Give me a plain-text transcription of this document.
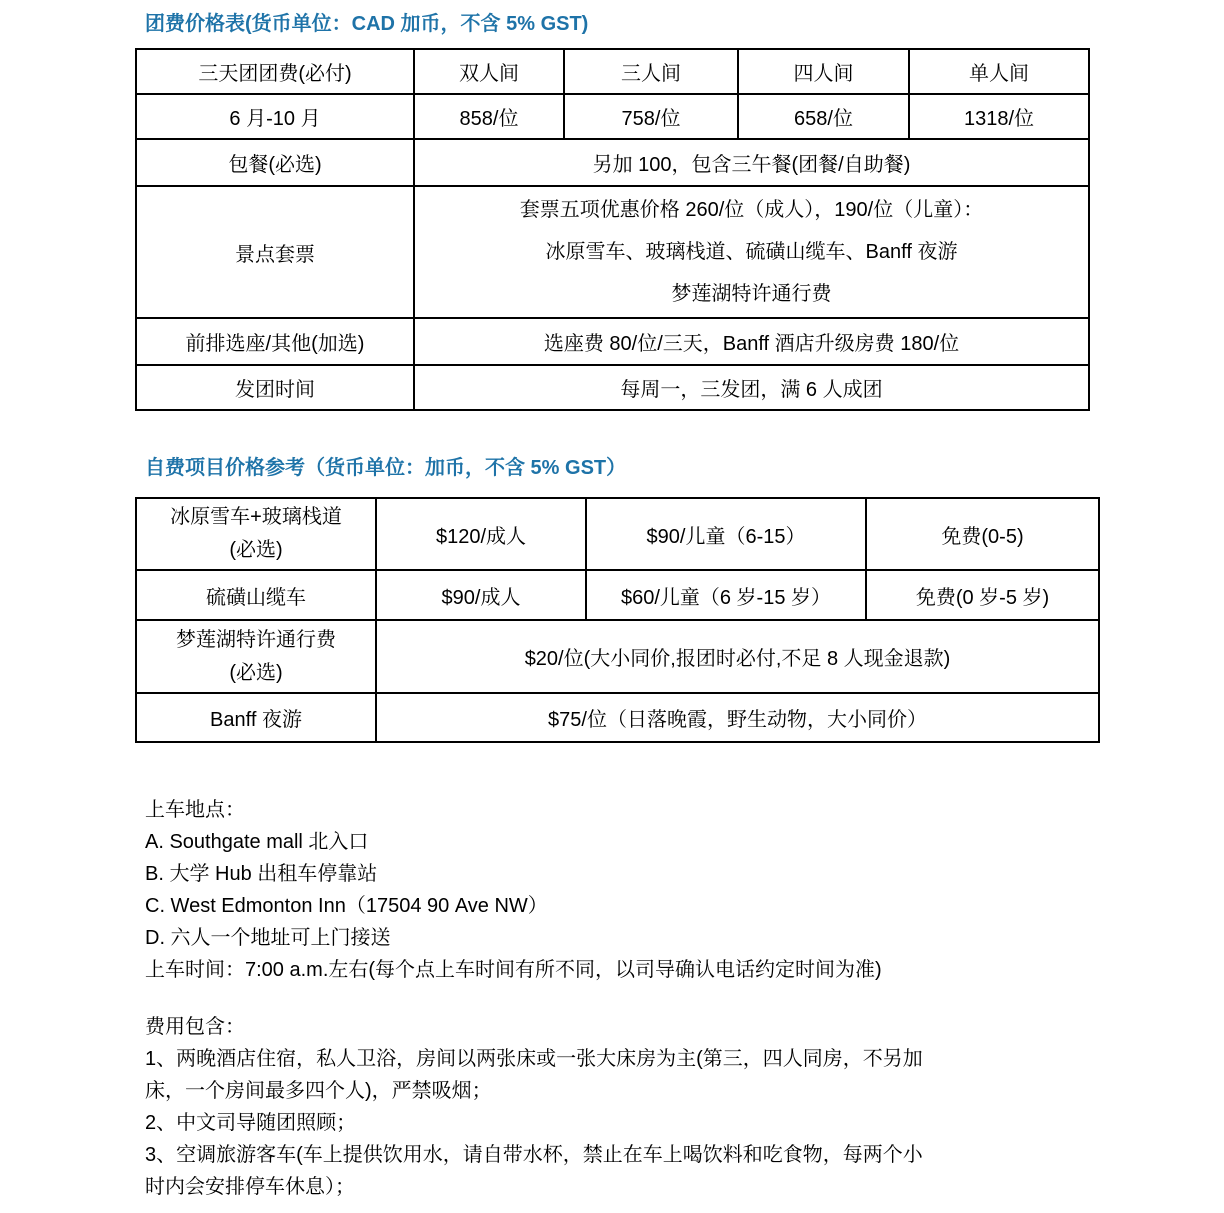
团费价格表(货币单位：CAD 加币，不含 5% GST)
三天团团费(必付)	双人间	三人间	四人间	单人间
6 月-10 月	858/位	758/位	658/位	1318/位
包餐(必选)	另加 100，包含三午餐(团餐/自助餐)			
景点套票	套票五项优惠价格 260/位（成人），190/位（儿童）：
冰原雪车、玻璃栈道、硫磺山缆车、Banff 夜游
梦莲湖特许通行费			

前排选座/其他(加选)	选座费 80/位/三天，Banff 酒店升级房费 180/位			
发团时间	每周一，三发团，满 6 人成团			
自费项目价格参考（货币单位：加币，不含 5% GST）
冰原雪车+玻璃栈道
(必选)	$120/成人	$90/儿童（6-15）	免费(0-5)
硫磺山缆车	$90/成人	$60/儿童（6 岁-15 岁）	免费(0 岁-5 岁)

梦莲湖特许通行费
(必选)	$20/位(大小同价,报团时必付,不足 8 人现金退款)		
Banff 夜游	$75/位（日落晚霞，野生动物，大小同价）		
上车地点：
A. Southgate mall 北入口
B. 大学 Hub 出租车停靠站
C. West Edmonton Inn（17504 90 Ave NW）
D. 六人一个地址可上门接送
上车时间：7:00 a.m.左右(每个点上车时间有所不同，以司导确认电话约定时间为准)
费用包含：
1、两晚酒店住宿，私人卫浴，房间以两张床或一张大床房为主(第三，四人同房，不另加
床，一个房间最多四个人)，严禁吸烟；
2、中文司导随团照顾；
3、空调旅游客车(车上提供饮用水，请自带水杯，禁止在车上喝饮料和吃食物，每两个小
时内会安排停车休息）；
